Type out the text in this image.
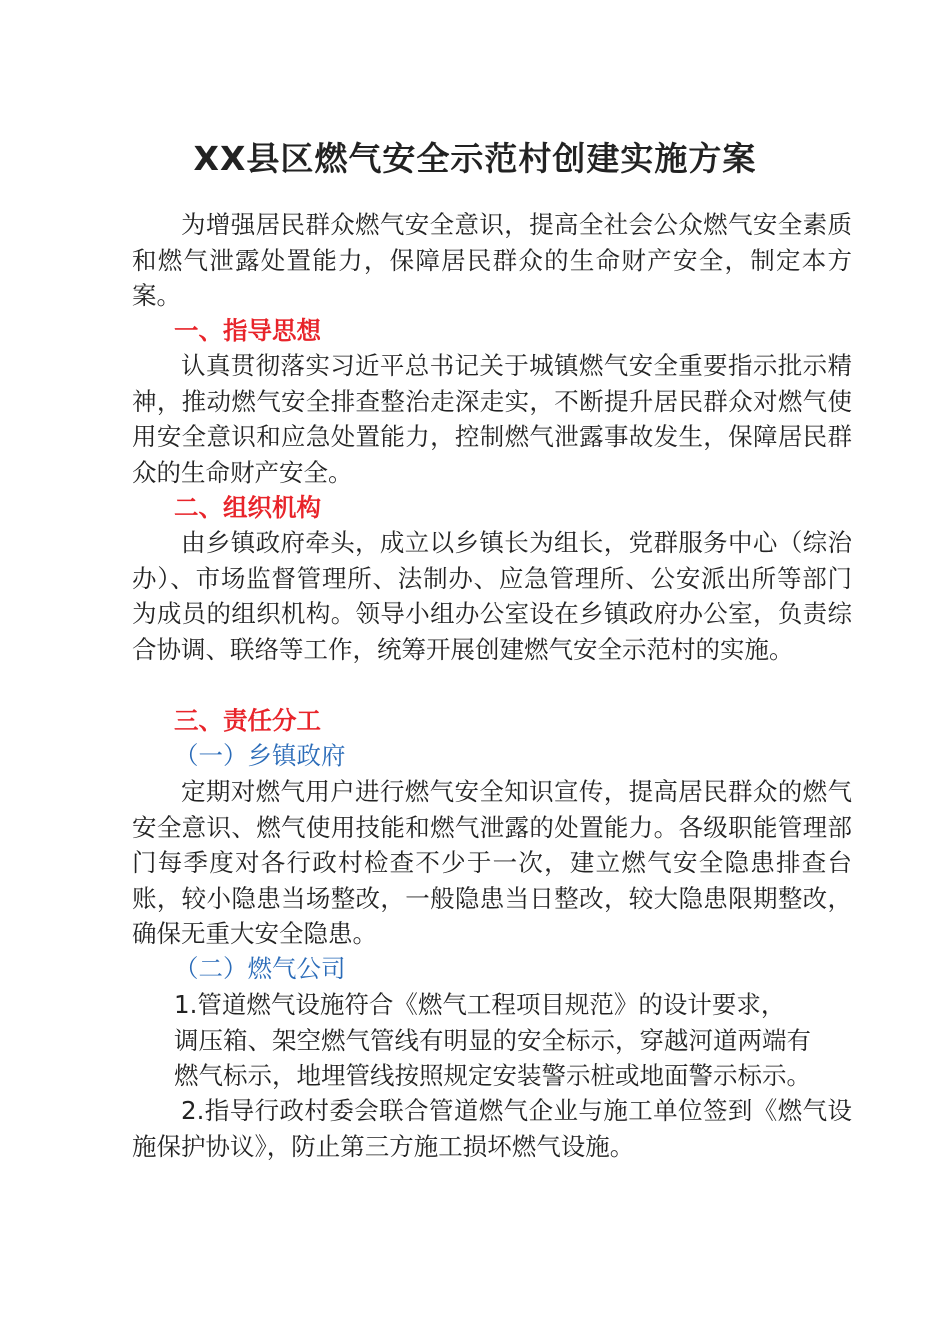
XX县区燃气安全示范村创建实施方案

为增强居民群众燃气安全意识，提高全社会公众燃气安全素质和燃气泄露处置能力，保障居民群众的生命财产安全，制定本方案。

一、指导思想

认真贯彻落实习近平总书记关于城镇燃气安全重要指示批示精神，推动燃气安全排查整治走深走实，不断提升居民群众对燃气使用安全意识和应急处置能力，控制燃气泄露事故发生，保障居民群众的生命财产安全。

二、组织机构

由乡镇政府牵头，成立以乡镇长为组长，党群服务中心（综治办）、市场监督管理所、法制办、应急管理所、公安派出所等部门为成员的组织机构。领导小组办公室设在乡镇政府办公室，负责综合协调、联络等工作，统筹开展创建燃气安全示范村的实施。

三、责任分工

（一）乡镇政府

定期对燃气用户进行燃气安全知识宣传，提高居民群众的燃气安全意识、燃气使用技能和燃气泄露的处置能力。各级职能管理部门每季度对各行政村检查不少于一次，建立燃气安全隐患排查台账，较小隐患当场整改，一般隐患当日整改，较大隐患限期整改，确保无重大安全隐患。

（二）燃气公司

1.管道燃气设施符合《燃气工程项目规范》的设计要求，
调压箱、架空燃气管线有明显的安全标示，穿越河道两端有
燃气标示，地埋管线按照规定安装警示桩或地面警示标示。

2.指导行政村委会联合管道燃气企业与施工单位签到《燃气设施保护协议》，防止第三方施工损坏燃气设施。
